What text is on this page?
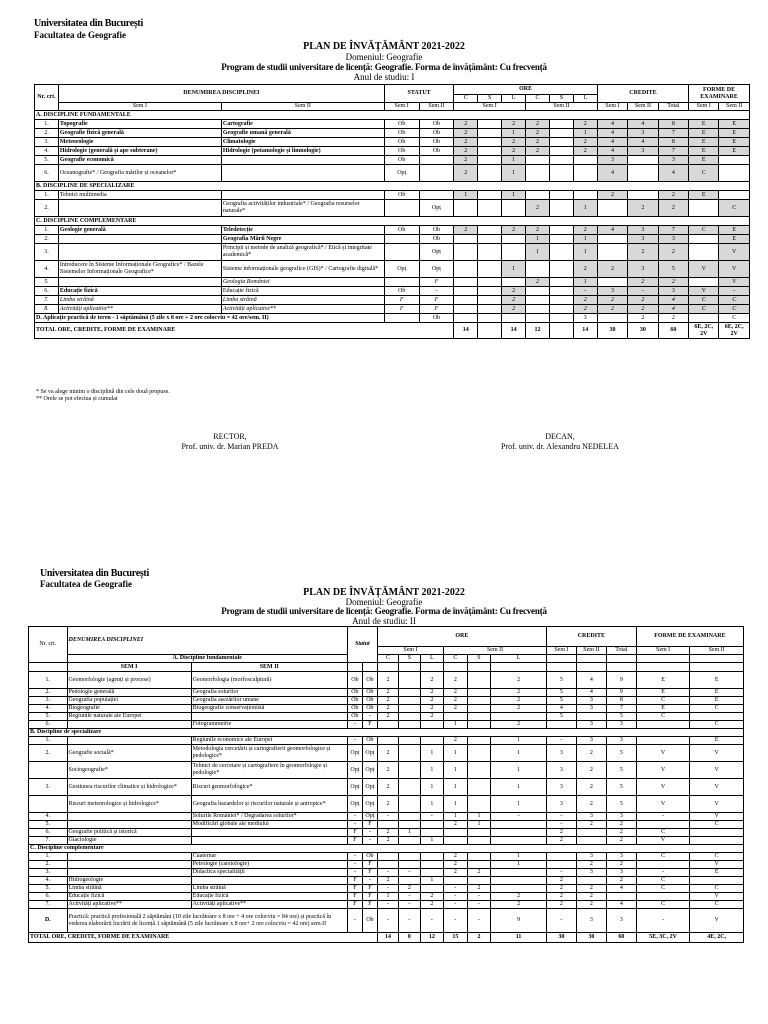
Universitatea din București
Facultatea de Geografie
PLAN DE ÎNVĂȚĂMÂNT 2021-2022
Domeniul: Geografie
Program de studii universitare de licență: Geografie. Forma de învățământ: Cu frecvență
Anul de studiu: I
Nr. crt.	DENUMIREA DISCIPLINEI		STATUT		ORE						CREDITE			FORME DE EXAMINARE	
					C	S	L	C	S	L					
	Sem I	Sem II	Sem I	Sem II	Sem I			Sem II			Sem I	Sem II	Total	Sem I	Sem II
A. DISCIPLINE FUNDAMENTALE															
1.	Topografie	Cartografie	Ob	Ob	2		2	2		2	4	4	8	E	E
2.	Geografie fizică generală	Geografie umană generală	Ob	Ob	2		1	2		1	4	3	7	E	E
3.	Meteorologie	Climatologie	Ob	Ob	2		2	2		2	4	4	8	E	E
4.	Hidrologie (generală și ape subterane)	Hidrologie (potamologie și limnologie)	Ob	Ob	2		2	2		2	4	3	7	E	E
5.	Geografie economică		Ob		2		1				3		3	E	
6.	Oceanografie* / Geografia mărilor și oceanelor*		Opț		2		1				4		4	C	
B. DISCIPLINE DE SPECIALIZARE															
1.	Tehnici multimedia		Ob		1		1				2		2	E	
2.		Geografia activităților industriale* / Geografia resurselor naturale*		Opț				2		1		2	2		C
C. DISCIPLINE COMPLEMENTARE															
1.	Geologie generală	Teledetecție	Ob	Ob	2		2	2		2	4	3	7	C	E
2.		Geografia Mării Negre		Ob				1		1		3	3		E
3.		Principii și metode de analiză geografică* / Etică și integritate academică*		Opț				1		1		2	2		V
4.	Introducere în Sisteme Informaționale Geografice* / Bazele Sistemelor Informaționale Geografice*	Sisteme informaționale geografice (GIS)* / Cartografie digitală*	Opț	Opț			1			2	2	3	5	V	V
5.		Geologia României		F				2		1		2	2		V
6.	Educație fizică	Educație fizică	Ob	-			2			-	3	-	3	V	-
7.	Limba străină	Limba străină	F	F			2			2	2	2	4	C	C
8.	Activități aplicative**	Activități aplicative**	F	F			2			2	2	2	4	C	C
D. Aplicație practică de teren - 1 săptămână (5 zile x 8 ore + 2 ore colocviu = 42 ore/sem. II)				Ob						3		2	2		C
TOTAL ORE, CREDITE, FORME DE EXAMINARE					14		14	12		14	30	30	60	6E, 2C, 2V	6E, 2C, 2V
* Se va alege minim o disciplină din cele două propuse.
** Orele se pot efectua și cumulat
RECTOR,
Prof. univ. dr. Marian PREDA
DECAN,
Prof. univ. dr. Alexandru NEDELEA
Universitatea din București
Facultatea de Geografie
PLAN DE ÎNVĂȚĂMÂNT 2021-2022
Domeniul: Geografie
Program de studii universitare de licență: Geografie. Forma de învățământ: Cu frecvență
Anul de studiu: II
Nr. crt.	DENUMIREA DISCIPLINEI		Statut		ORE						CREDITE			FORME DE EXAMINARE	
					Sem I			Sem II			Sem I	Sem II	Total	Sem I	Sem II
	A. Discipline fundamentale				C	S	L	C	S	L					
	SEM I	SEM II													
1.	Geomorfologie (agenți și procese)	Geomorfologia (morfosculptură)	Ob	Ob	2		2	2		2	5	4	9	E	E
2.	Pedologie generală	Geografia solurilor	Ob	Ob	2		2	2		2	5	4	9	E	E
3.	Geografia populației	Geografia așezărilor umane	Ob	Ob	2		2	2		2	5	3	8	C	E
4.	Biogeografie	Biogeografie conservaționistă	Ob	Ob	2		2	2		2	4	3	7	E	C
5.	Regiunile naturale ale Europei		Ob	-	2		2				5		5	C	
6.		Fotogrammetrie	-	F				1		2		3	3		C
B. Discipline de specializare															
1.		Regiunile economice ale Europei	-	Ob				2		1	-	3	3		E
2.	Geografie socială*	Metodologia cercetării și cartografierii geomorfologice și pedologice*	Opț	Opț	2		1	1		1	3	2	5	V	V
	Sociogeografie*	Tehnici de cercetare și cartografiere în geomorfologie și pedologie*	Opț	Opț	2		1	1		1	3	2	5	V	V
3.	Gestiunea riscurilor climatice și hidrologice*	Riscuri geomorfologice*	Opț	Opț	2		1	1		1	3	2	5	V	V
	Riscuri meteorologice și hidrologice*	Geografia hazardelor și riscurilor naturale și antropice*	Opț	Opț	2		1	1		1	3	2	5	V	V
4.		Solurile României* / Degradarea solurilor*	-	Opț	-		-	1	1	-	-	3	3	-	V
5.		Modificări globale ale mediului	-	F				2	1		-	2	2		C
6.	Geografie politică și istorică		F	-	2	1					2		2	C	
7.	Glaciologie		F	-	2		1				2		2	V	
C. Discipline complementare															
1.		Cuaternar	-	Ob				2		1		3	3	C	C
2.		Petrologie (carstologie)	-	F				2		1		2	2		V
3.		Didactica specialității	-	F	-	-		2	2		-	3	3	-	E
4.	Hidrogeologie		F	-	2		1				2		2	C	
5.	Limba străină	Limba străină	F	F	-	2		-	2		2	2	4	C	C
6.	Educație fizică	Educație fizică	F	F	1	-	2	-	-	2	2	2			V
7.	Activități aplicative**	Activități aplicative**	F	F	-	-	2	-	-	2	2	2	4	C	C
D.	Practică: practică profesională 2 săptămâni (10 zile lucrătoare x 8 ore + 4 ore colocviu = 84 ore) și practică în vederea elaborării lucrării de licență 1 săptămână (5 zile lucrătoare x 8 ore+ 2 ore colocviu = 42 ore) sem.II		-	Ob	-	-	-	-	-	9	-	3	3	-	V
TOTAL ORE, CREDITE, FORME DE EXAMINARE					14	0	12	15	2	11	30	30	60	5E, 3C, 2V	4E, 2C,
